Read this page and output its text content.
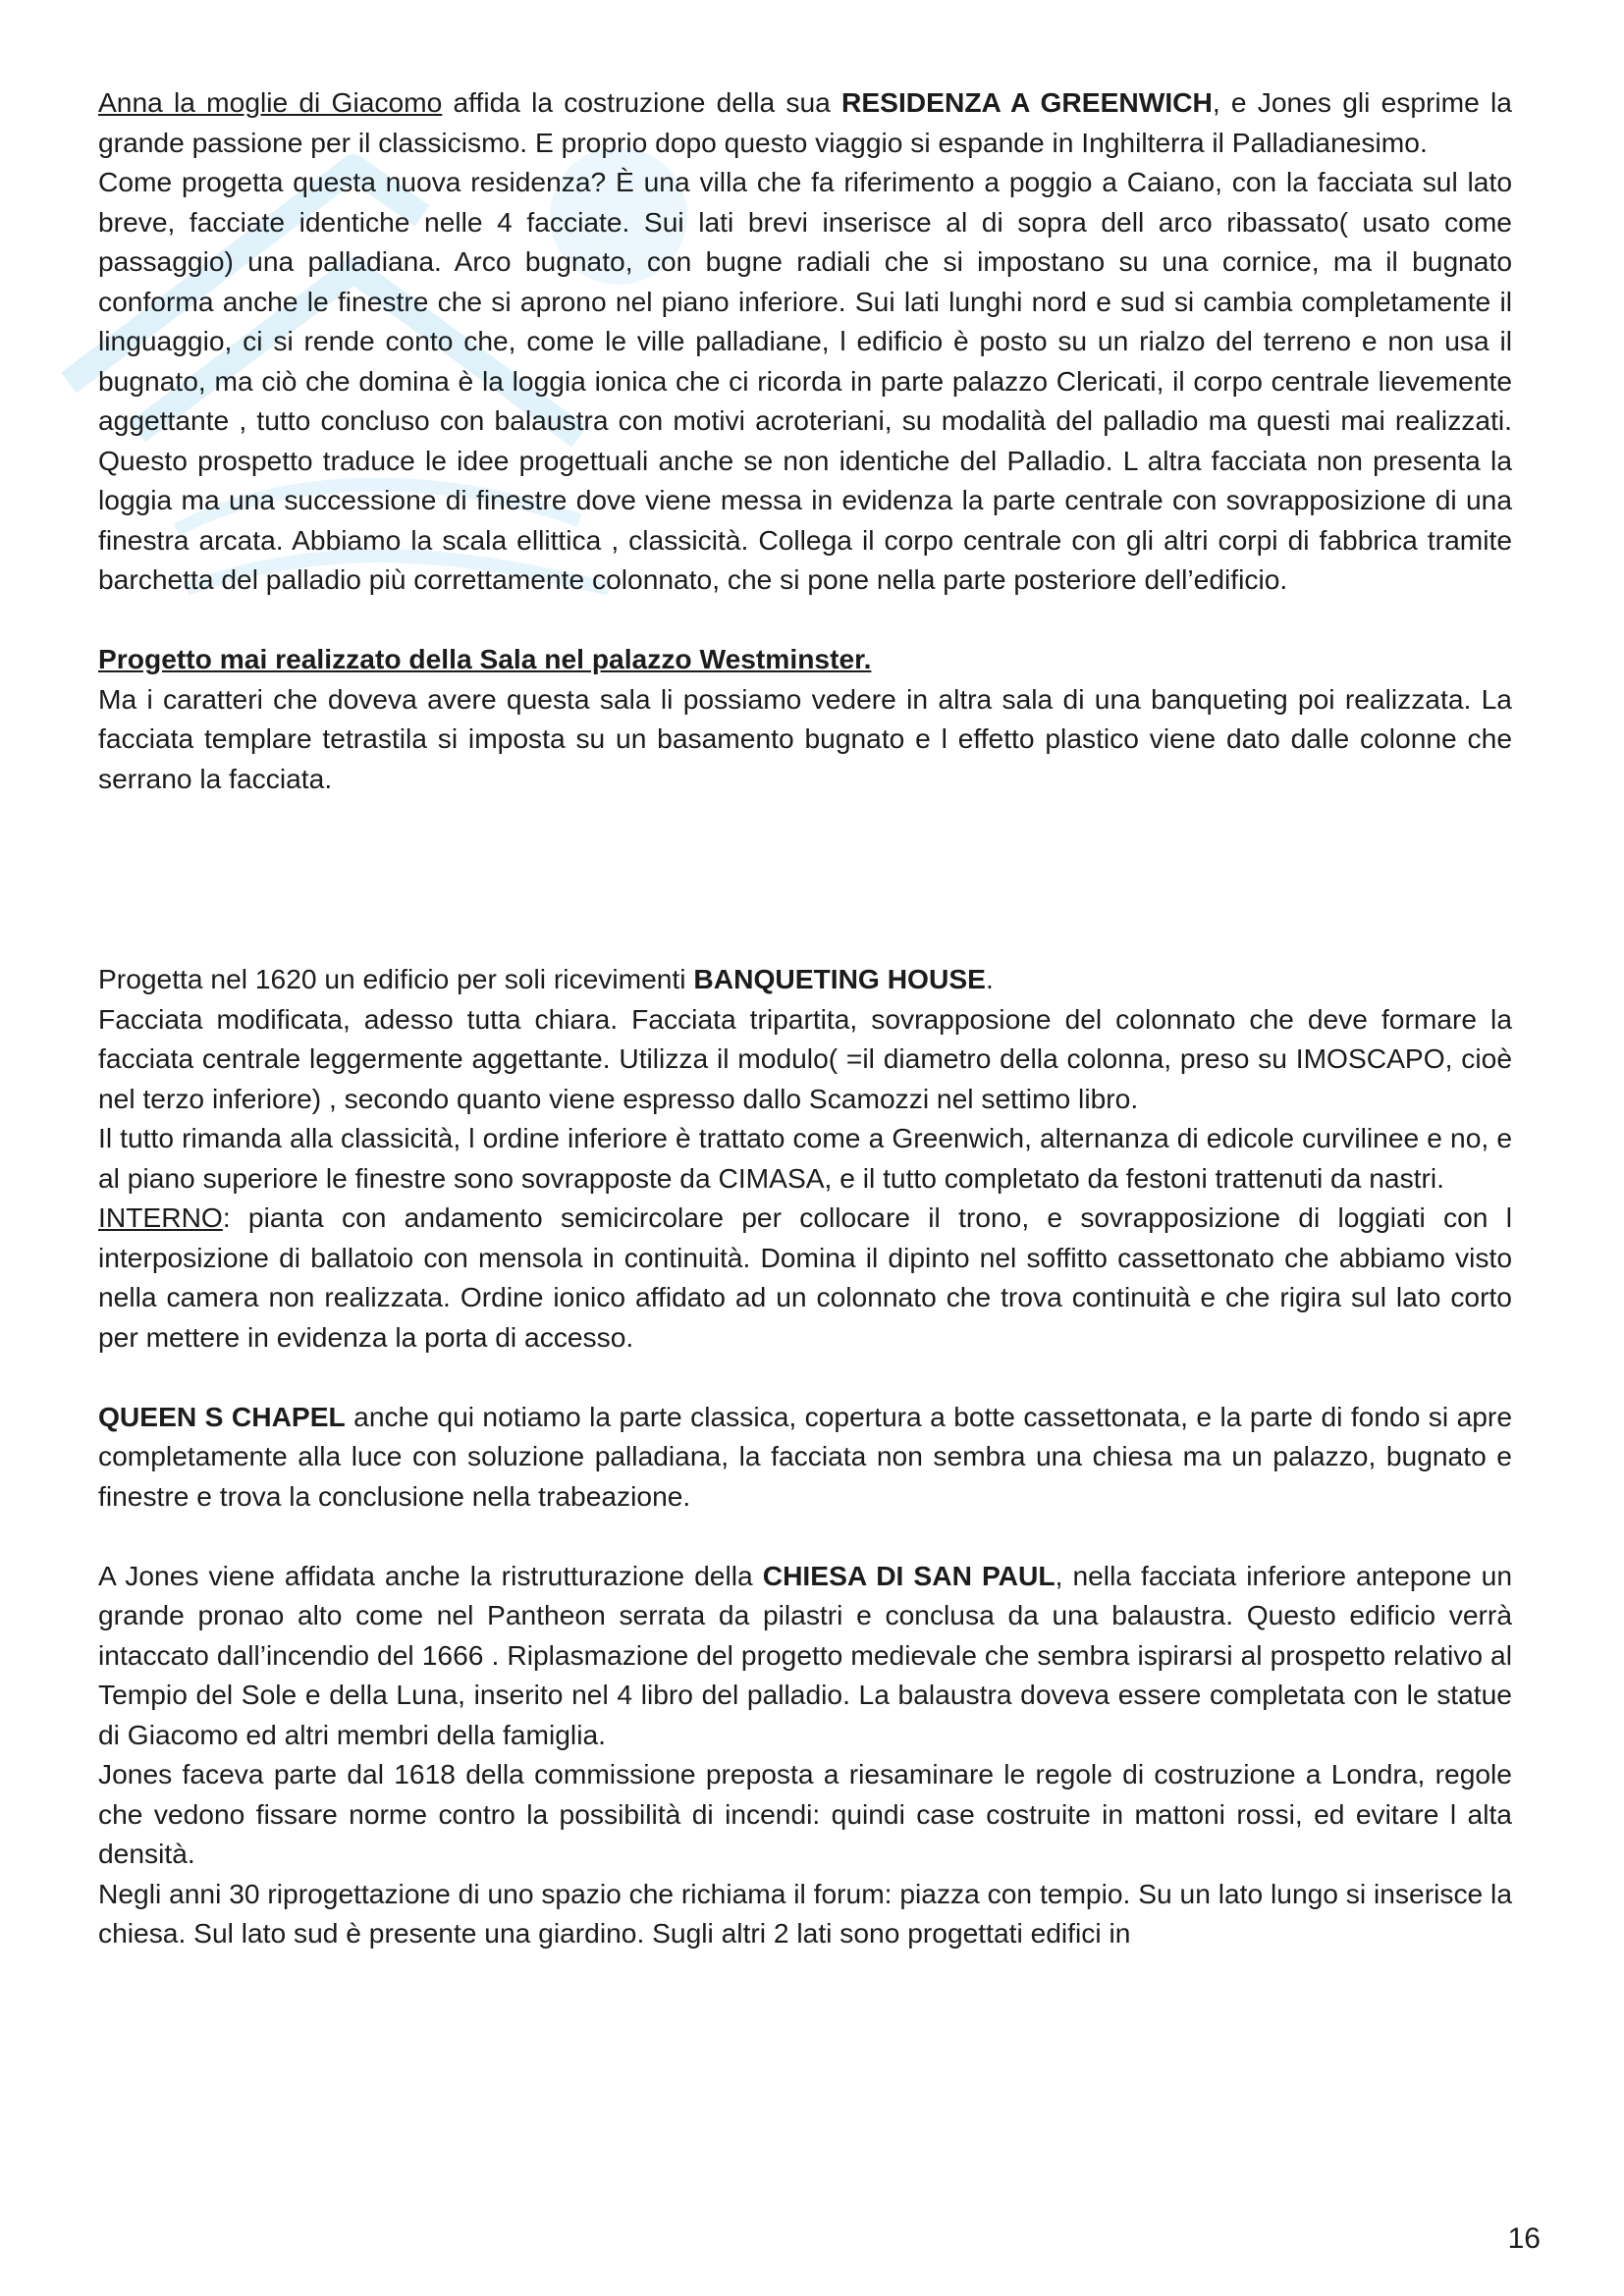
Anna la moglie di Giacomo affida la costruzione della sua RESIDENZA A GREENWICH, e Jones gli esprime la grande passione per il classicismo. E proprio dopo questo viaggio si espande in Inghilterra il Palladianesimo.

Come progetta questa nuova residenza? È una villa che fa riferimento a poggio a Caiano, con la facciata sul lato breve, facciate identiche nelle 4 facciate. Sui lati brevi inserisce al di sopra dell arco ribassato( usato come passaggio) una palladiana. Arco bugnato, con bugne radiali che si impostano su una cornice, ma il bugnato conforma anche le finestre che si aprono nel piano inferiore. Sui lati lunghi nord e sud si cambia completamente il linguaggio, ci si rende conto che, come le ville palladiane, l edificio è posto su un rialzo del terreno e non usa il bugnato, ma ciò che domina è la loggia ionica che ci ricorda in parte palazzo Clericati, il corpo centrale lievemente aggettante , tutto concluso con balaustra con motivi acroteriani, su modalità del palladio ma questi mai realizzati. Questo prospetto traduce le idee progettuali anche se non identiche del Palladio. L altra facciata non presenta la loggia ma una successione di finestre dove viene messa in evidenza la parte centrale con sovrapposizione di una finestra arcata. Abbiamo la scala ellittica , classicità. Collega il corpo centrale con gli altri corpi di fabbrica tramite barchetta del palladio più correttamente colonnato, che si pone nella parte posteriore dell’edificio.

Progetto mai realizzato della Sala nel palazzo Westminster.

Ma i caratteri che doveva avere questa sala li possiamo vedere in altra sala di una banqueting poi realizzata. La facciata templare tetrastila si imposta su un basamento bugnato e l effetto plastico viene dato dalle colonne che serrano la facciata.

Progetta nel 1620 un edificio per soli ricevimenti BANQUETING HOUSE.

Facciata modificata, adesso tutta chiara. Facciata tripartita, sovrapposione del colonnato che deve formare la facciata centrale leggermente aggettante. Utilizza il modulo( =il diametro della colonna, preso su IMOSCAPO, cioè nel terzo inferiore) , secondo quanto viene espresso dallo Scamozzi nel settimo libro.

Il tutto rimanda alla classicità, l ordine inferiore è trattato come a Greenwich, alternanza di edicole curvilinee e no, e al piano superiore le finestre sono sovrapposte da CIMASA, e il tutto completato da festoni trattenuti da nastri.

INTERNO: pianta con andamento semicircolare per collocare il trono, e sovrapposizione di loggiati con l interposizione di ballatoio con mensola in continuità. Domina il dipinto nel soffitto cassettonato che abbiamo visto nella camera non realizzata. Ordine ionico affidato ad un colonnato che trova continuità e che rigira sul lato corto per mettere in evidenza la porta di accesso.

QUEEN S CHAPEL anche qui notiamo la parte classica, copertura a botte cassettonata, e la parte di fondo si apre completamente alla luce con soluzione palladiana, la facciata non sembra una chiesa ma un palazzo, bugnato e finestre e trova la conclusione nella trabeazione.

A Jones viene affidata anche la ristrutturazione della CHIESA DI SAN PAUL, nella facciata inferiore antepone un grande pronao alto come nel Pantheon serrata da pilastri e conclusa da una balaustra. Questo edificio verrà intaccato dall’incendio del 1666 . Riplasmazione del progetto medievale che sembra ispirarsi al prospetto relativo al Tempio del Sole e della Luna, inserito nel 4 libro del palladio. La balaustra doveva essere completata con le statue di Giacomo ed altri membri della famiglia.

Jones faceva parte dal 1618 della commissione preposta a riesaminare le regole di costruzione a Londra, regole che vedono fissare norme contro la possibilità di incendi: quindi case costruite in mattoni rossi, ed evitare l alta densità.

Negli anni 30 riprogettazione di uno spazio che richiama il forum: piazza con tempio. Su un lato lungo si inserisce la chiesa. Sul lato sud è presente una giardino. Sugli altri 2 lati sono progettati edifici in

16
